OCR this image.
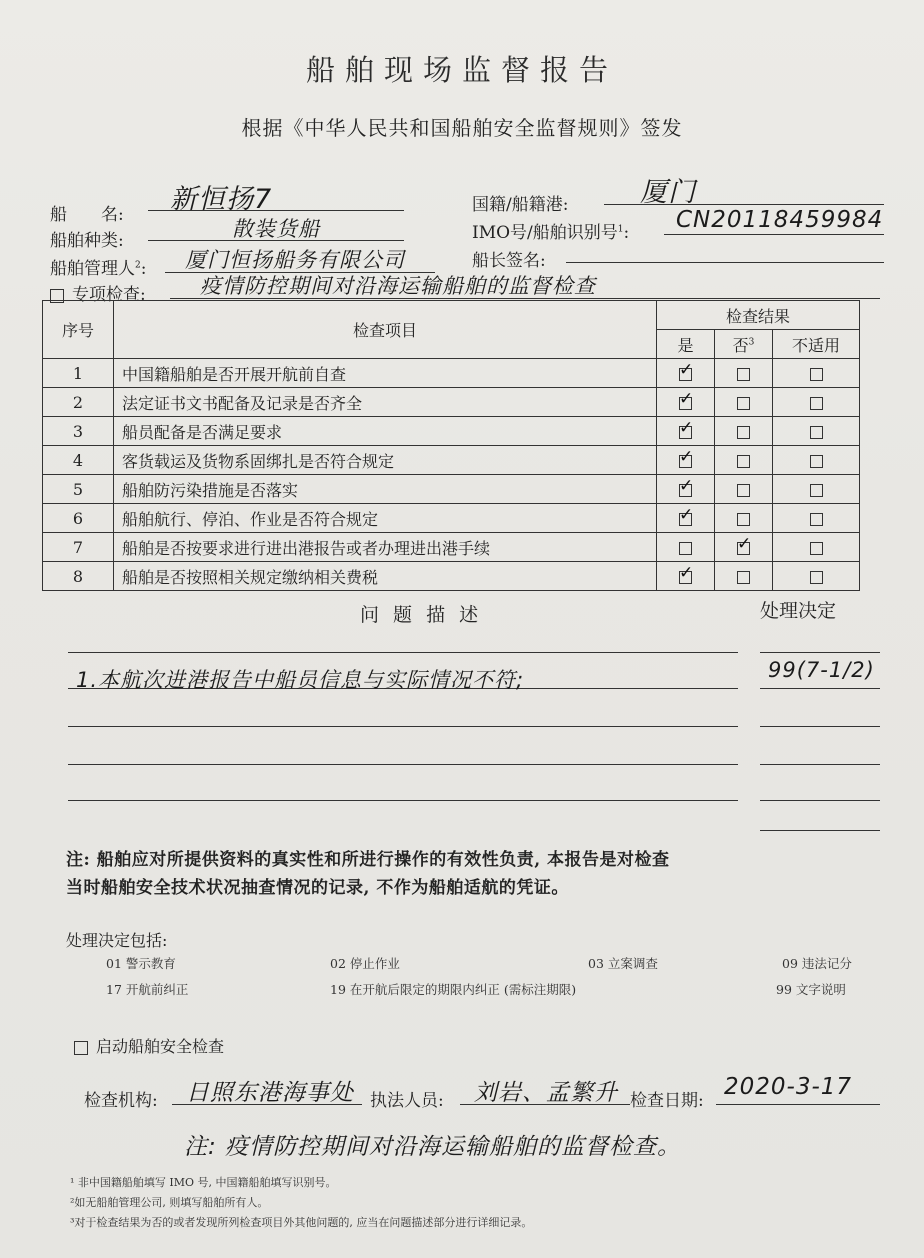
船舶现场监督报告
根据《中华人民共和国船舶安全监督规则》签发
船　　名: 新恒扬7
船舶种类:	散装货船
船舶管理人$^2$: 厦门恒扬船务有限公司
专项检查:	疫情防控期间对沿海运输船舶的监督检查
国籍/船籍港:	厦门
IMO号/船舶识别号$^1$: CN20118459984
船长签名:
序号	检查项目	检查结果		
		是	否$^3$	不适用
1	中国籍船舶是否开展开航前自查	✓		
2	法定证书文书配备及记录是否齐全	✓		
3	船员配备是否满足要求	✓		
4	客货载运及货物系固绑扎是否符合规定	✓		
5	船舶防污染措施是否落实	✓		
6	船舶航行、停泊、作业是否符合规定	✓		
7	船舶是否按要求进行进出港报告或者办理进出港手续		✓	
8	船舶是否按照相关规定缴纳相关费税	✓		
问 题 描 述	处理决定
1.本航次进港报告中船员信息与实际情况不符;	99(7-1/2)
注: 船舶应对所提供资料的真实性和所进行操作的有效性负责, 本报告是对检查
当时船舶安全技术状况抽查情况的记录, 不作为船舶适航的凭证。
处理决定包括:
01 警示教育	02 停止作业	03 立案调查	09 违法记分
17 开航前纠正	19 在开航后限定的期限内纠正 (需标注期限)	99 文字说明
启动船舶安全检查
检查机构: 日照东港海事处 执法人员: 刘岩、孟繁升 检查日期:
2020-3-17
注: 疫情防控期间对沿海运输船舶的监督检查。
¹ 非中国籍船舶填写 IMO 号, 中国籍船舶填写识别号。
²如无船舶管理公司, 则填写船舶所有人。
³对于检查结果为否的或者发现所列检查项目外其他问题的, 应当在问题描述部分进行详细记录。
